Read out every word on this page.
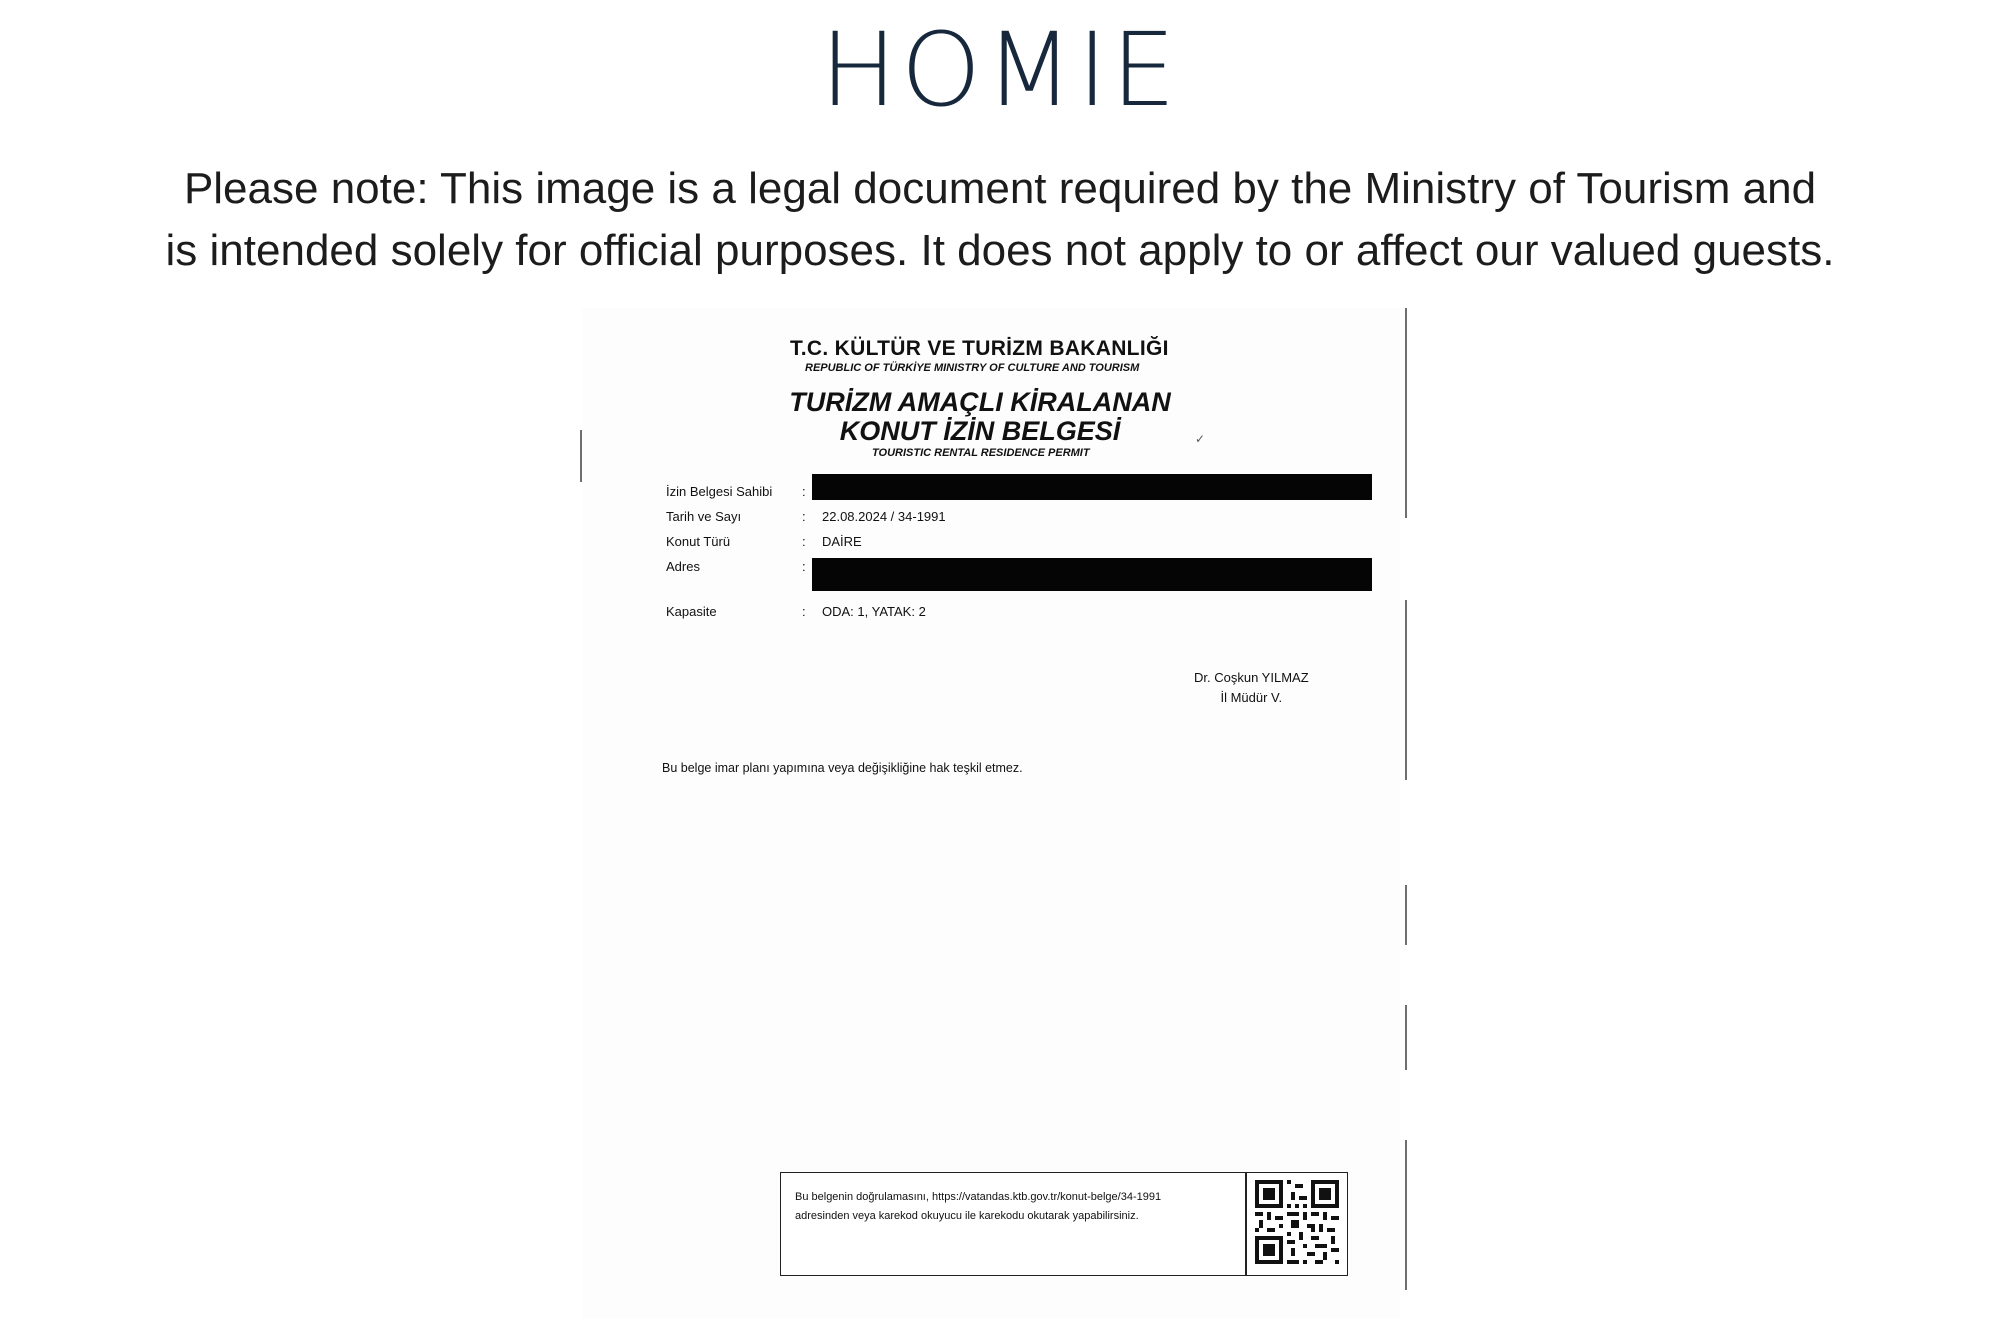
HOMIE
Please note: This image is a legal document required by the Ministry of Tourism and
is intended solely for official purposes. It does not apply to or affect our valued guests.
T.C. KÜLTÜR VE TURİZM BAKANLIĞI
REPUBLIC OF TÜRKİYE MINISTRY OF CULTURE AND TOURISM
TURİZM AMAÇLI KİRALANAN
KONUT İZİN BELGESİ
TOURISTIC RENTAL RESIDENCE PERMIT
✓
İzin Belgesi Sahibi :
Tarih ve Sayı	: 22.08.2024 / 34-1991
Konut Türü	: DAİRE
Adres	:
Kapasite	: ODA: 1, YATAK: 2
Dr. Coşkun YILMAZ
İl Müdür V.
Bu belge imar planı yapımına veya değişikliğine hak teşkil etmez.
Bu belgenin doğrulamasını, https://vatandas.ktb.gov.tr/konut-belge/34-1991
adresinden veya karekod okuyucu ile karekodu okutarak yapabilirsiniz.
